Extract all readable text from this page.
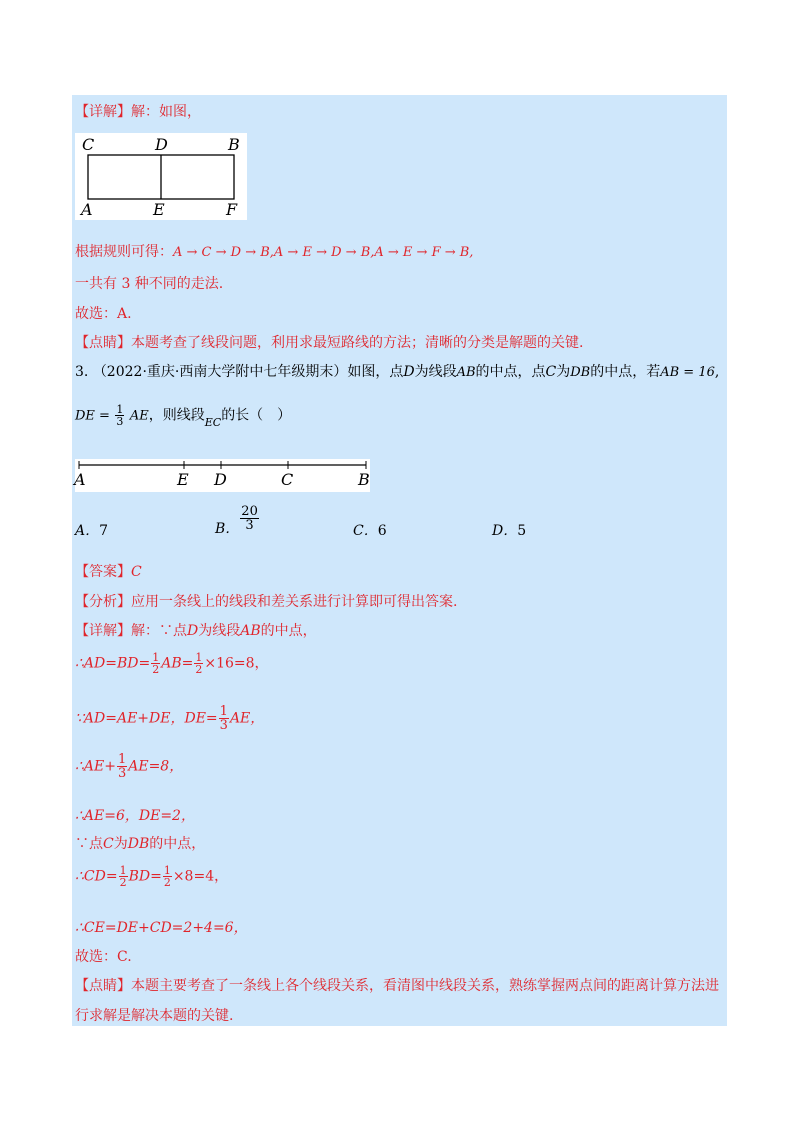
【详解】解：如图，
C	D	B
A	E	F
根据规则可得：A → C → D → B,A → E → D → B,A → E → F → B,
一共有 3 种不同的走法.
故选：A.
【点睛】本题考查了线段问题，利用求最短路线的方法；清晰的分类是解题的关键.
3. （2022·重庆·西南大学附中七年级期末）如图，点D为线段AB的中点，点C为DB的中点，若AB = 16,
DE = $\frac{1}{3}$ AE，则线段$_{EC}$的长（　）
A	E D	C	B
A．7	B． $\frac{20}{3}$	C．6	D．5
【答案】C
【分析】应用一条线上的线段和差关系进行计算即可得出答案.
【详解】解：∵点D为线段AB的中点，
∴AD=BD= $\frac{1}{2} AB= \frac{1}{2} \times 16=8$，
∵AD=AE+DE，$DE= \frac{1}{3}$ AE，
∴AE+ $\frac{1}{3} AE=8$，
∴AE=6，DE=2，
∵点C为DB的中点，
∴CD= $\frac{1}{2} BD= \frac{1}{2} \times 8=4$，
∴CE=DE+CD=2+4=6，
故选：C.
【点睛】本题主要考查了一条线上各个线段关系，看清图中线段关系，熟练掌握两点间的距离计算方法进
行求解是解决本题的关键.
